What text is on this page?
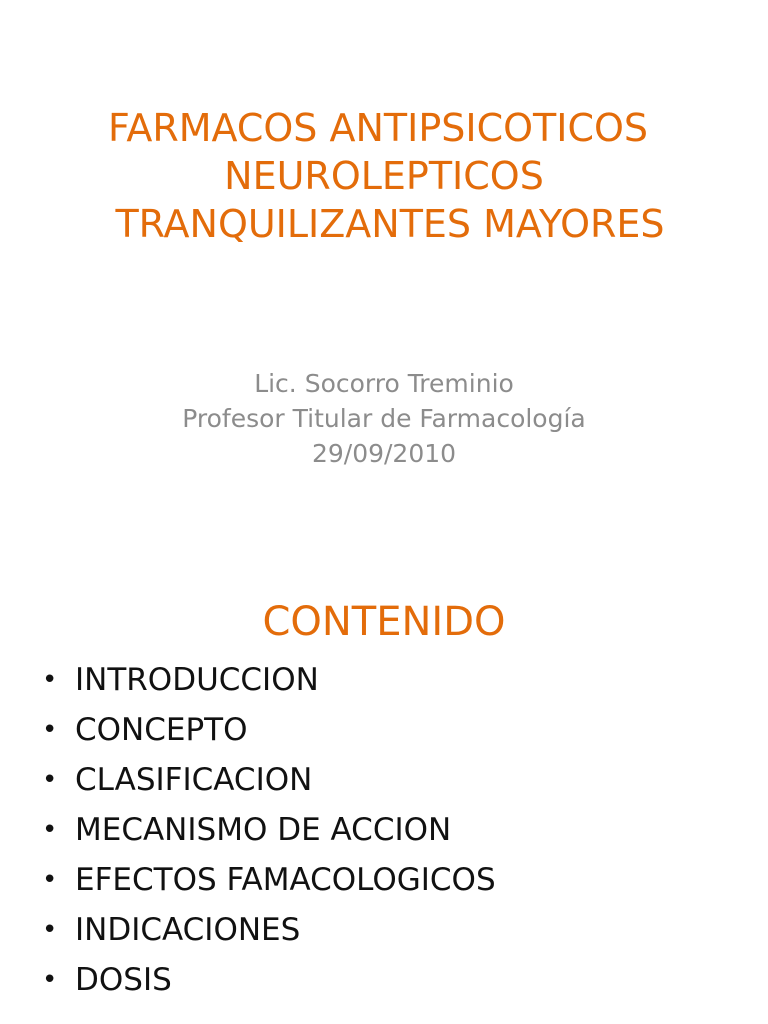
FARMACOS ANTIPSICOTICOS
NEUROLEPTICOS
TRANQUILIZANTES MAYORES
Lic. Socorro Treminio
Profesor Titular de Farmacología
29/09/2010
CONTENIDO
• INTRODUCCION
• CONCEPTO
• CLASIFICACION
• MECANISMO DE ACCION
• EFECTOS FAMACOLOGICOS
• INDICACIONES
• DOSIS
